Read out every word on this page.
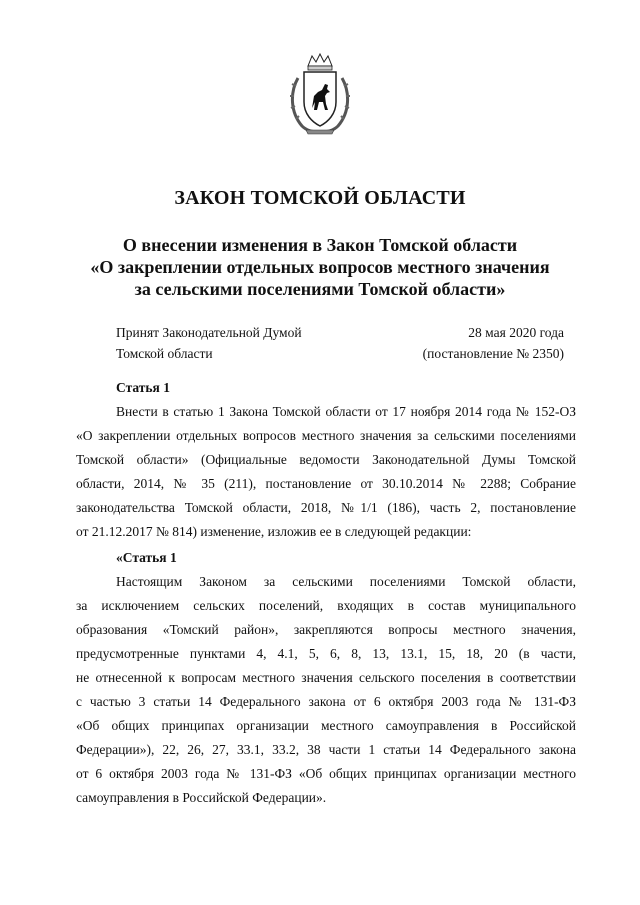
ЗАКОН ТОМСКОЙ ОБЛАСТИ
О внесении изменения в Закон Томской области
«О закреплении отдельных вопросов местного значения
за сельскими поселениями Томской области»
Принят Законодательной Думой
Томской области
28 мая 2020 года
(постановление № 2350)
Статья 1
Внести в статью 1 Закона Томской области от 17 ноября 2014 года № 152-ОЗ
«О закреплении отдельных вопросов местного значения за сельскими поселениями
Томской области» (Официальные ведомости Законодательной Думы Томской
области, 2014, № 35 (211), постановление от 30.10.2014 № 2288; Собрание
законодательства Томской области, 2018, №1/1 (186), часть 2, постановление
от 21.12.2017 № 814) изменение, изложив ее в следующей редакции:
«Статья 1
Настоящим Законом за сельскими поселениями Томской области,
за исключением сельских поселений, входящих в состав муниципального
образования «Томский район», закрепляются вопросы местного значения,
предусмотренные пунктами 4, 4.1, 5, 6, 8, 13, 13.1, 15, 18, 20 (в части,
не отнесенной к вопросам местного значения сельского поселения в соответствии
с частью 3 статьи 14 Федерального закона от 6 октября 2003 года № 131-ФЗ
«Об общих принципах организации местного самоуправления в Российской
Федерации»), 22, 26, 27, 33.1, 33.2, 38 части 1 статьи 14 Федерального закона
от 6 октября 2003 года № 131-ФЗ «Об общих принципах организации местного
самоуправления в Российской Федерации».
